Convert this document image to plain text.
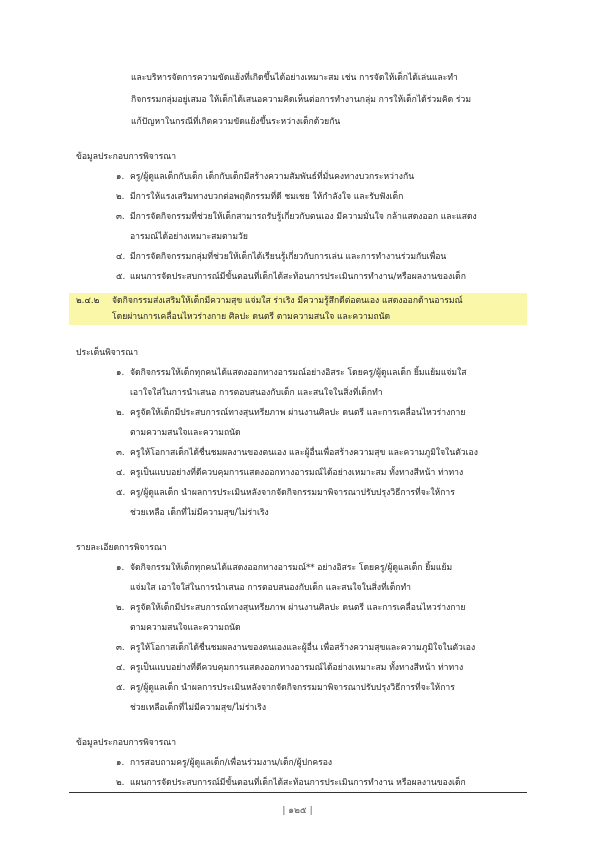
และบริหารจัดการความขัดแย้งที่เกิดขึ้นได้อย่างเหมาะสม เช่น การจัดให้เด็กได้เล่นและทำ
กิจกรรมกลุ่มอยู่เสมอ ให้เด็กได้เสนอความคิดเห็นต่อการทำงานกลุ่ม การให้เด็กได้ร่วมคิด ร่วม
แก้ปัญหาในกรณีที่เกิดความขัดแย้งขึ้นระหว่างเด็กด้วยกัน
ข้อมูลประกอบการพิจารณา
๑. ครู/ผู้ดูแลเด็กกับเด็ก เด็กกับเด็กมีสร้างความสัมพันธ์ที่มั่นคงทางบวกระหว่างกัน
๒. มีการให้แรงเสริมทางบวกต่อพฤติกรรมที่ดี ชมเชย ให้กำลังใจ และรับฟังเด็ก
๓. มีการจัดกิจกรรมที่ช่วยให้เด็กสามารถรับรู้เกี่ยวกับตนเอง มีความมั่นใจ กล้าแสดงออก และแสดง
อารมณ์ได้อย่างเหมาะสมตามวัย
๔. มีการจัดกิจกรรมกลุ่มที่ช่วยให้เด็กได้เรียนรู้เกี่ยวกับการเล่น และการทำงานร่วมกับเพื่อน
๕. แผนการจัดประสบการณ์มีขั้นตอนที่เด็กได้สะท้อนการประเมินการทำงาน/หรือผลงานของเด็ก
๒.๔.๒ จัดกิจกรรมส่งเสริมให้เด็กมีความสุข แจ่มใส ร่าเริง มีความรู้สึกดีต่อตนเอง แสดงออกด้านอารมณ์
โดยผ่านการเคลื่อนไหวร่างกาย ศิลปะ ดนตรี ตามความสนใจ และความถนัด
ประเด็นพิจารณา
๑. จัดกิจกรรมให้เด็กทุกคนได้แสดงออกทางอารมณ์อย่างอิสระ โดยครู/ผู้ดูแลเด็ก ยิ้มแย้มแจ่มใส
เอาใจใส่ในการนำเสนอ การตอบสนองกับเด็ก และสนใจในสิ่งที่เด็กทำ
๒. ครูจัดให้เด็กมีประสบการณ์ทางสุนทรียภาพ ผ่านงานศิลปะ ดนตรี และการเคลื่อนไหวร่างกาย
ตามความสนใจและความถนัด
๓. ครูให้โอกาสเด็กได้ชื่นชมผลงานของตนเอง และผู้อื่นเพื่อสร้างความสุข และความภูมิใจในตัวเอง
๔. ครูเป็นแบบอย่างที่ดีควบคุมการแสดงออกทางอารมณ์ได้อย่างเหมาะสม ทั้งทางสีหน้า ท่าทาง
๕. ครู/ผู้ดูแลเด็ก นำผลการประเมินหลังจากจัดกิจกรรมมาพิจารณาปรับปรุงวิธีการที่จะให้การ
ช่วยเหลือ เด็กที่ไม่มีความสุข/ไม่ร่าเริง
รายละเอียดการพิจารณา
๑. จัดกิจกรรมให้เด็กทุกคนได้แสดงออกทางอารมณ์** อย่างอิสระ โดยครู/ผู้ดูแลเด็ก ยิ้มแย้ม
แจ่มใส เอาใจใส่ในการนำเสนอ การตอบสนองกับเด็ก และสนใจในสิ่งที่เด็กทำ
๒. ครูจัดให้เด็กมีประสบการณ์ทางสุนทรียภาพ ผ่านงานศิลปะ ดนตรี และการเคลื่อนไหวร่างกาย
ตามความสนใจและความถนัด
๓. ครูให้โอกาสเด็กได้ชื่นชมผลงานของตนเองและผู้อื่น เพื่อสร้างความสุขและความภูมิใจในตัวเอง
๔. ครูเป็นแบบอย่างที่ดีควบคุมการแสดงออกทางอารมณ์ได้อย่างเหมาะสม ทั้งทางสีหน้า ท่าทาง
๕. ครู/ผู้ดูแลเด็ก นำผลการประเมินหลังจากจัดกิจกรรมมาพิจารณาปรับปรุงวิธีการที่จะให้การ
ช่วยเหลือเด็กที่ไม่มีความสุข/ไม่ร่าเริง
ข้อมูลประกอบการพิจารณา
๑. การสอบถามครู/ผู้ดูแลเด็ก/เพื่อนร่วมงาน/เด็ก/ผู้ปกครอง
๒. แผนการจัดประสบการณ์มีขั้นตอนที่เด็กได้สะท้อนการประเมินการทำงาน หรือผลงานของเด็ก
| ๑๒๕ |
